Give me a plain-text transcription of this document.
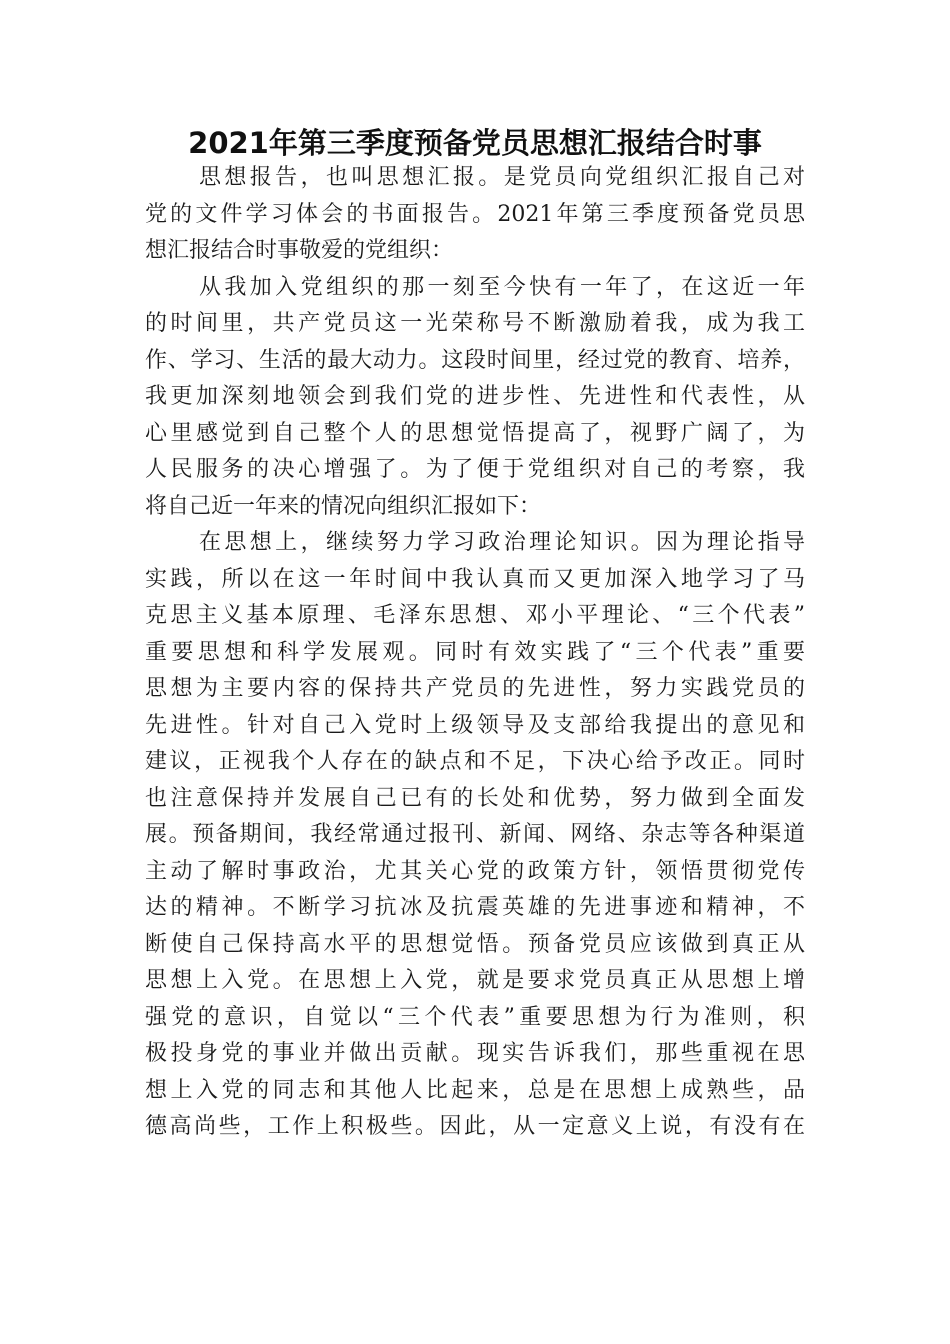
2021年第三季度预备党员思想汇报结合时事
思想报告，也叫思想汇报。是党员向党组织汇报自己对
党的文件学习体会的书面报告。2021年第三季度预备党员思
想汇报结合时事敬爱的党组织：
从我加入党组织的那一刻至今快有一年了，在这近一年
的时间里，共产党员这一光荣称号不断激励着我，成为我工
作、学习、生活的最大动力。这段时间里，经过党的教育、培养，
我更加深刻地领会到我们党的进步性、先进性和代表性，从
心里感觉到自己整个人的思想觉悟提高了，视野广阔了，为
人民服务的决心增强了。为了便于党组织对自己的考察，我
将自己近一年来的情况向组织汇报如下：
在思想上，继续努力学习政治理论知识。因为理论指导
实践，所以在这一年时间中我认真而又更加深入地学习了马
克思主义基本原理、毛泽东思想、邓小平理论、“三个代表”
重要思想和科学发展观。同时有效实践了“三个代表”重要
思想为主要内容的保持共产党员的先进性，努力实践党员的
先进性。针对自己入党时上级领导及支部给我提出的意见和
建议，正视我个人存在的缺点和不足，下决心给予改正。同时
也注意保持并发展自己已有的长处和优势，努力做到全面发
展。预备期间，我经常通过报刊、新闻、网络、杂志等各种渠道
主动了解时事政治，尤其关心党的政策方针，领悟贯彻党传
达的精神。不断学习抗冰及抗震英雄的先进事迹和精神，不
断使自己保持高水平的思想觉悟。预备党员应该做到真正从
思想上入党。在思想上入党，就是要求党员真正从思想上增
强党的意识，自觉以“三个代表”重要思想为行为准则，积
极投身党的事业并做出贡献。现实告诉我们，那些重视在思
想上入党的同志和其他人比起来，总是在思想上成熟些，品
德高尚些，工作上积极些。因此，从一定意义上说，有没有在
